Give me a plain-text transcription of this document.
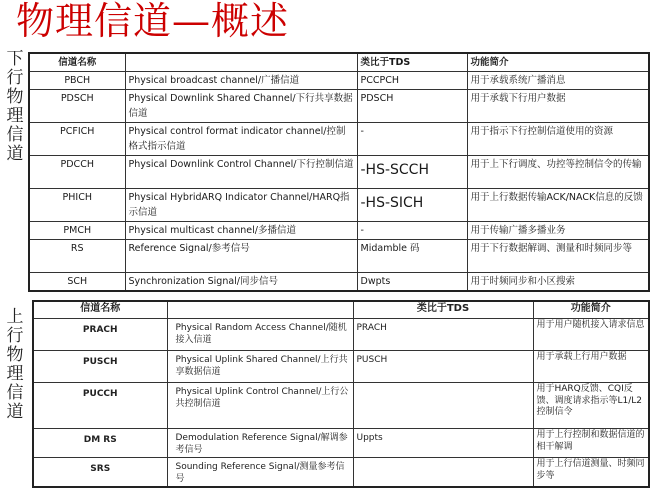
物理信道—概述
下行物理信道
信道名称		类比于TDS	功能简介
PBCH	Physical broadcast channel/广播信道	PCCPCH	用于承载系统广播消息
PDSCH	Physical Downlink Shared Channel/下行共享数据信道	PDSCH	用于承载下行用户数据
PCFICH	Physical control format indicator channel/控制格式指示信道	-	用于指示下行控制信道使用的资源
PDCCH	Physical Downlink Control Channel/下行控制信道	-HS-SCCH	用于上下行调度、功控等控制信令的传输
PHICH	Physical HybridARQ Indicator Channel/HARQ指示信道	-HS-SICH	用于上行数据传输ACK/NACK信息的反馈
PMCH	Physical multicast channel/多播信道	-	用于传输广播多播业务
RS	Reference Signal/参考信号	Midamble 码	用于下行数据解调、测量和时频同步等
SCH	Synchronization Signal/同步信号	Dwpts	用于时频同步和小区搜索
上行物理信道
信道名称		类比于TDS	功能简介
PRACH	Physical Random Access Channel/随机接入信道	PRACH	用于用户随机接入请求信息
PUSCH	Physical Uplink Shared Channel/上行共享数据信道	PUSCH	用于承载上行用户数据
PUCCH	Physical Uplink Control Channel/上行公共控制信道		用于HARQ反馈、CQI反馈、调度请求指示等L1/L2控制信令
DM RS	Demodulation Reference Signal/解调参考信号	Uppts	用于上行控制和数据信道的相干解调
SRS	Sounding Reference Signal/测量参考信号		用于上行信道测量、时频同步等
